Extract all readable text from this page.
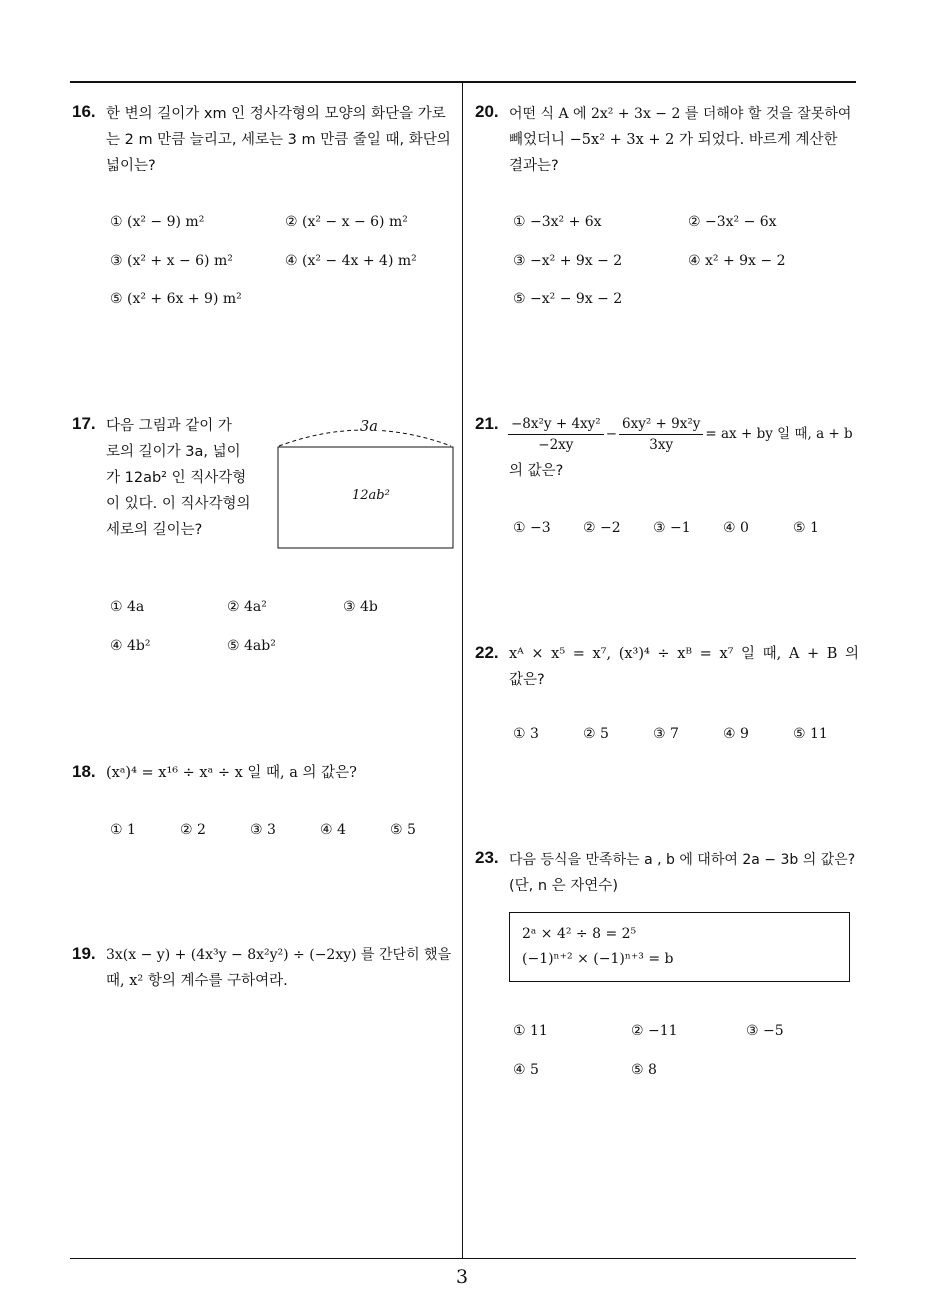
3
16. 한 변의 길이가 xm 인 정사각형의 모양의 화단을 가로
는 2 m 만큼 늘리고, 세로는 3 m 만큼 줄일 때, 화단의
넓이는?
① (x² − 9) m²	② (x² − x − 6) m²
③ (x² + x − 6) m²	④ (x² − 4x + 4) m²
⑤ (x² + 6x + 9) m²
17. 다음 그림과 같이 가
로의 길이가 3a, 넓이
가 12ab² 인 직사각형
이 있다. 이 직사각형의
세로의 길이는?
3a
12ab²
① 4a	② 4a²	③ 4b
④ 4b²	⑤ 4ab²
18. (xᵃ)⁴ = x¹⁶ ÷ xᵃ ÷ x 일 때, a 의 값은?
① 1	② 2	③ 3	④ 4	⑤ 5
19. 3x(x − y) + (4x³y − 8x²y²) ÷ (−2xy) 를 간단히 했을
때, x² 항의 계수를 구하여라.
20. 어떤 식 A 에 2x² + 3x − 2 를 더해야 할 것을 잘못하여
빼었더니 −5x² + 3x + 2 가 되었다. 바르게 계산한
결과는?
① −3x² + 6x	② −3x² − 6x
③ −x² + 9x − 2	④ x² + 9x − 2
⑤ −x² − 9x − 2
21. $\frac{\text{−8x²y + 4xy²}}{-2xy} - \frac{\text{6xy² + 9x²y}}{3xy}$ = ax + by 일 때, a + b
의 값은?
① −3 ② −2 ③ −1 ④ 0	⑤ 1
22. xᴬ × x⁵ = x⁷, (x³)⁴ ÷ xᴮ = x⁷ 일 때, A + B 의
값은?
① 3	② 5	③ 7	④ 9	⑤ 11
23. 다음 등식을 만족하는 a , b 에 대하여 2a − 3b 의 값은?
(단, n 은 자연수)
2ᵃ × 4² ÷ 8 = 2⁵
(−1)ⁿ⁺² × (−1)ⁿ⁺³ = b
① 11	② −11	③ −5
④ 5	⑤ 8
